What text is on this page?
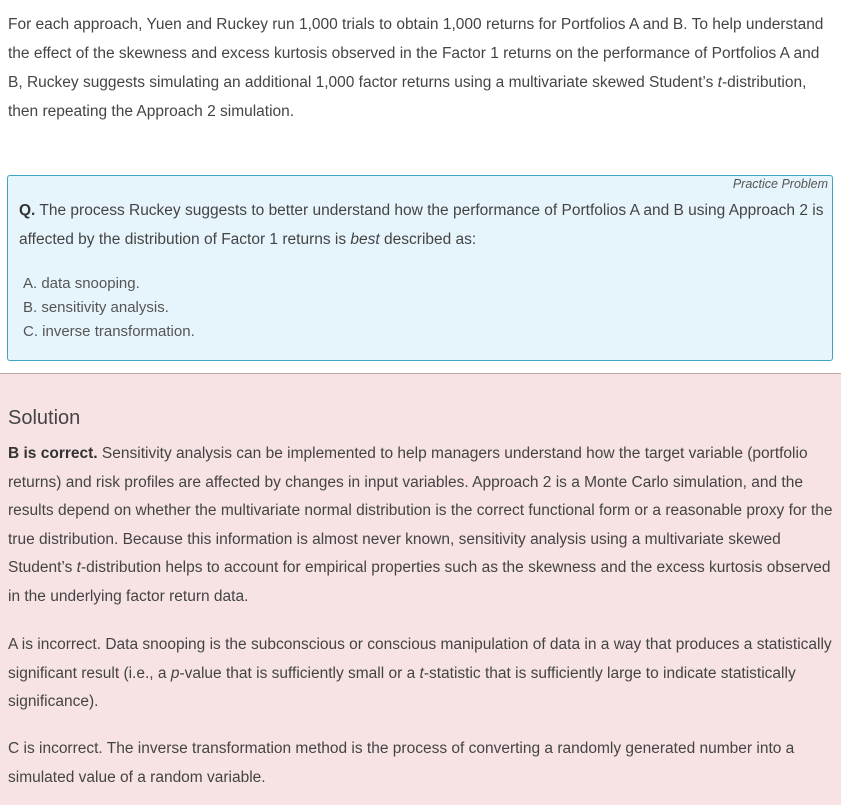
For each approach, Yuen and Ruckey run 1,000 trials to obtain 1,000 returns for Portfolios A and B. To help understand the effect of the skewness and excess kurtosis observed in the Factor 1 returns on the performance of Portfolios A and B, Ruckey suggests simulating an additional 1,000 factor returns using a multivariate skewed Student’s t-distribution, then repeating the Approach 2 simulation.
Practice Problem
Q. The process Ruckey suggests to better understand how the performance of Portfolios A and B using Approach 2 is affected by the distribution of Factor 1 returns is best described as:
A. data snooping.
B. sensitivity analysis.
C. inverse transformation.
Solution
B is correct. Sensitivity analysis can be implemented to help managers understand how the target variable (portfolio returns) and risk profiles are affected by changes in input variables. Approach 2 is a Monte Carlo simulation, and the results depend on whether the multivariate normal distribution is the correct functional form or a reasonable proxy for the true distribution. Because this information is almost never known, sensitivity analysis using a multivariate skewed Student’s t-distribution helps to account for empirical properties such as the skewness and the excess kurtosis observed in the underlying factor return data.
A is incorrect. Data snooping is the subconscious or conscious manipulation of data in a way that produces a statistically significant result (i.e., a p-value that is sufficiently small or a t-statistic that is sufficiently large to indicate statistically significance).
C is incorrect. The inverse transformation method is the process of converting a randomly generated number into a simulated value of a random variable.
